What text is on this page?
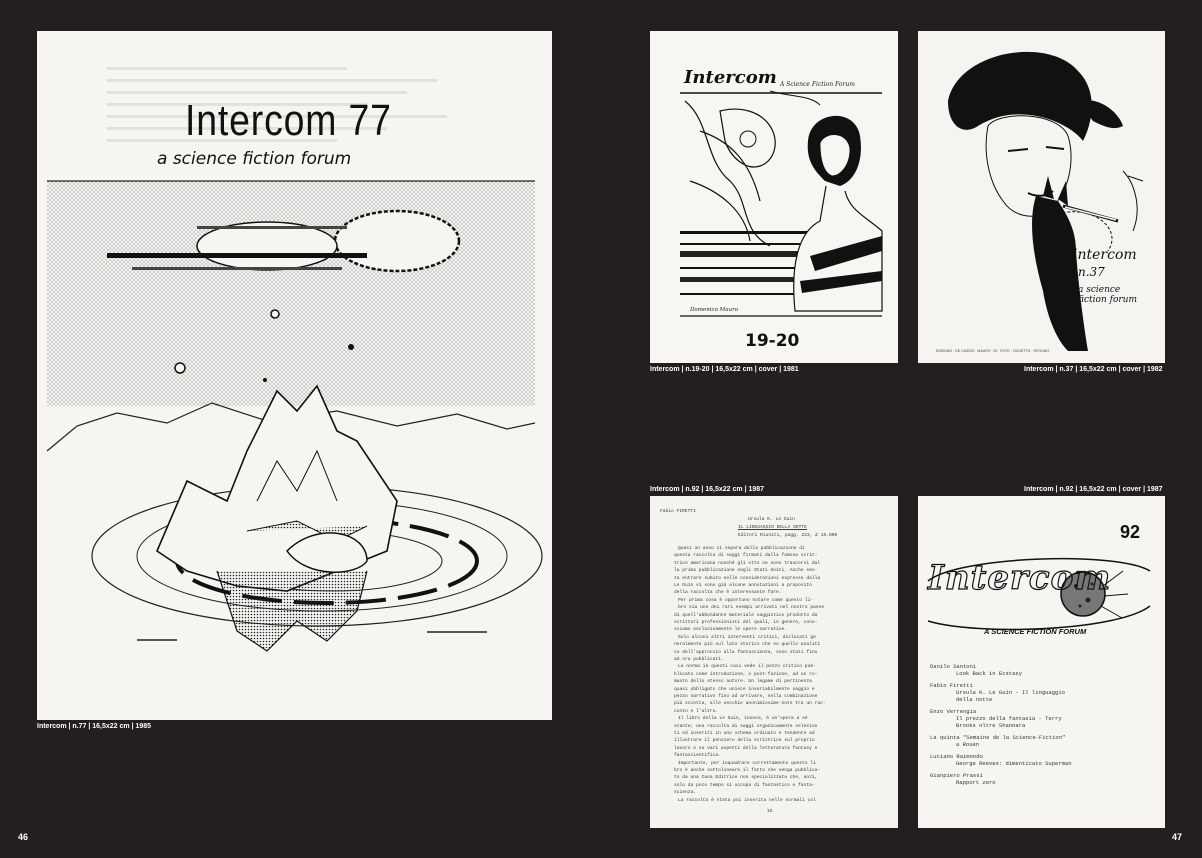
Intercom 77
a science fiction forum
Intercom | n.77 | 16,5x22 cm | 1985
46
Intercom A Science Fiction Forum
Domenico Mauro
19-20
Intercom | n.19-20 | 16,5x22 cm | cover | 1981
intercom
n.37
a science fiction forum
DISEGNO · DE CASSIO · MAURO · DI · FOTO · OGGETTO · SPOLINO
Intercom | n.37 | 16,5x22 cm | cover | 1982
Intercom | n.92 | 16,5x22 cm | 1987
Fabio FIRETTI
Ursula K. Le Guin
IL LINGUAGGIO DELLA NOTTE
Editori Riuniti, pagg. 223, £ 15.000
Quasi un anno ci separa dalla pubblicazione di
questa raccolta di saggi firmati dalla famosa scrit-
trice americana nonché gli otto ne sono trascorsi dal
la prima pubblicazione negli Stati Uniti. Anche sen-
za entrare subito nelle considerazioni espresse dalla
Le Guin vi sono già alcune annotazioni a proposito
della raccolta che è interessante fare.
Per prima cosa è opportuno notare come questo li-
bro sia uno dei rari esempi arrivati nel nostro paese
di quell'abbondante materiale saggistico prodotto da
scrittori professionisti del quali, in genere, cono-
sciamo esclusivamente le opere narrative.
Solo alcuni altri interventi critici, dislocati ge
neralmente più sul lato storico che su quello analiti
co dell'approccio alla fantascienza, sono stati fino
ad ora pubblicati.
La norma in questi casi vede il pezzo critico pub-
blicato come introduzione, o post-fazione, ad un ro-
manzo dello stesso autore. Un legame di pertinenza
quasi obbligato che unisce invariabilmente saggio e
pezzo narrativo fino ad arrivare, nella combinazione
più sccetta, alle vecchie anonimissime note tra un rac-
conto e l'altro.
Il libro della Le Guin, invece, è un'opera a sé
stante; una raccolta di saggi organicamente selezion
ti ed inseriti in uno schema ordinato e tendente ad
illustrare il pensiero della scrittrice sul proprio
lavoro e su vari aspetti della letteratura fantasy e
fantascientifica.
Importante, per inquadrare correttamente questo li
bro è anche sottolineare il fatto che venga pubblica-
to da una Casa Editrice non specializzata che, anzi,
solo da poco tempo si occupa di fantastico e fanta-
scienza.
La raccolta è stata poi inserita nelle normali col
15
Intercom | n.92 | 16,5x22 cm | cover | 1987
92
Intercom
A SCIENCE FICTION FORUM
Danilo Santoni
Look Back in Ecstasy
Fabio Firetti
Ursula K. Le Guin - Il linguaggio
della notte
Enzo Verrengia
Il prezzo della fantasia - Terry
Brooks oltre Shannara
La quinta "Semaine de la Science-Fiction"
a Rouen
Luciano Raimondo
George Reeves: dimenticato Superman
Gianpiero Prassi
Rapport zero
47
